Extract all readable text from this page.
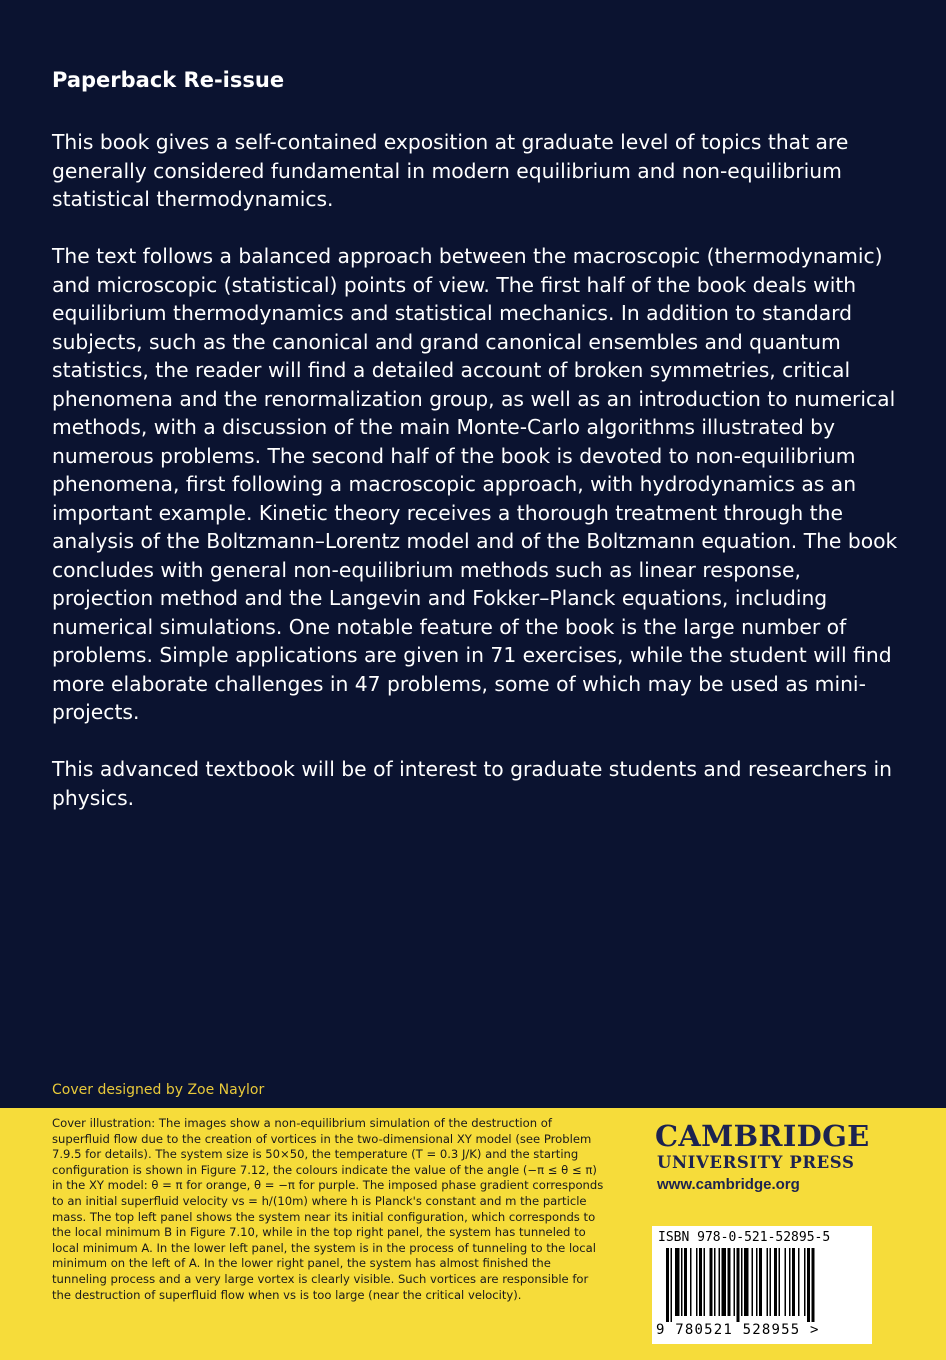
Paperback Re-issue
This book gives a self-contained exposition at graduate level of topics that are generally considered fundamental in modern equilibrium and non-equilibrium statistical thermodynamics.
The text follows a balanced approach between the macroscopic (thermodynamic) and microscopic (statistical) points of view. The first half of the book deals with equilibrium thermodynamics and statistical mechanics. In addition to standard subjects, such as the canonical and grand canonical ensembles and quantum statistics, the reader will find a detailed account of broken symmetries, critical phenomena and the renormalization group, as well as an introduction to numerical methods, with a discussion of the main Monte-Carlo algorithms illustrated by numerous problems. The second half of the book is devoted to non-equilibrium phenomena, first following a macroscopic approach, with hydrodynamics as an important example. Kinetic theory receives a thorough treatment through the analysis of the Boltzmann–Lorentz model and of the Boltzmann equation. The book concludes with general non-equilibrium methods such as linear response, projection method and the Langevin and Fokker–Planck equations, including numerical simulations. One notable feature of the book is the large number of problems. Simple applications are given in 71 exercises, while the student will find more elaborate challenges in 47 problems, some of which may be used as mini-projects.
This advanced textbook will be of interest to graduate students and researchers in physics.
Cover designed by Zoe Naylor
Cover illustration: The images show a non-equilibrium simulation of the destruction of superfluid flow due to the creation of vortices in the two-dimensional XY model (see Problem 7.9.5 for details). The system size is 50×50, the temperature (T = 0.3 J/K) and the starting configuration is shown in Figure 7.12, the colours indicate the value of the angle (−π ≤ θ ≤ π) in the XY model: θ = π for orange, θ = −π for purple. The imposed phase gradient corresponds to an initial superfluid velocity vs = h/(10m) where h is Planck's constant and m the particle mass. The top left panel shows the system near its initial configuration, which corresponds to the local minimum B in Figure 7.10, while in the top right panel, the system has tunneled to local minimum A. In the lower left panel, the system is in the process of tunneling to the local minimum on the left of A. In the lower right panel, the system has almost finished the tunneling process and a very large vortex is clearly visible. Such vortices are responsible for the destruction of superfluid flow when vs is too large (near the critical velocity).
CAMBRIDGE
UNIVERSITY PRESS
www.cambridge.org
ISBN 978-0-521-52895-5
9 780521 528955 >
